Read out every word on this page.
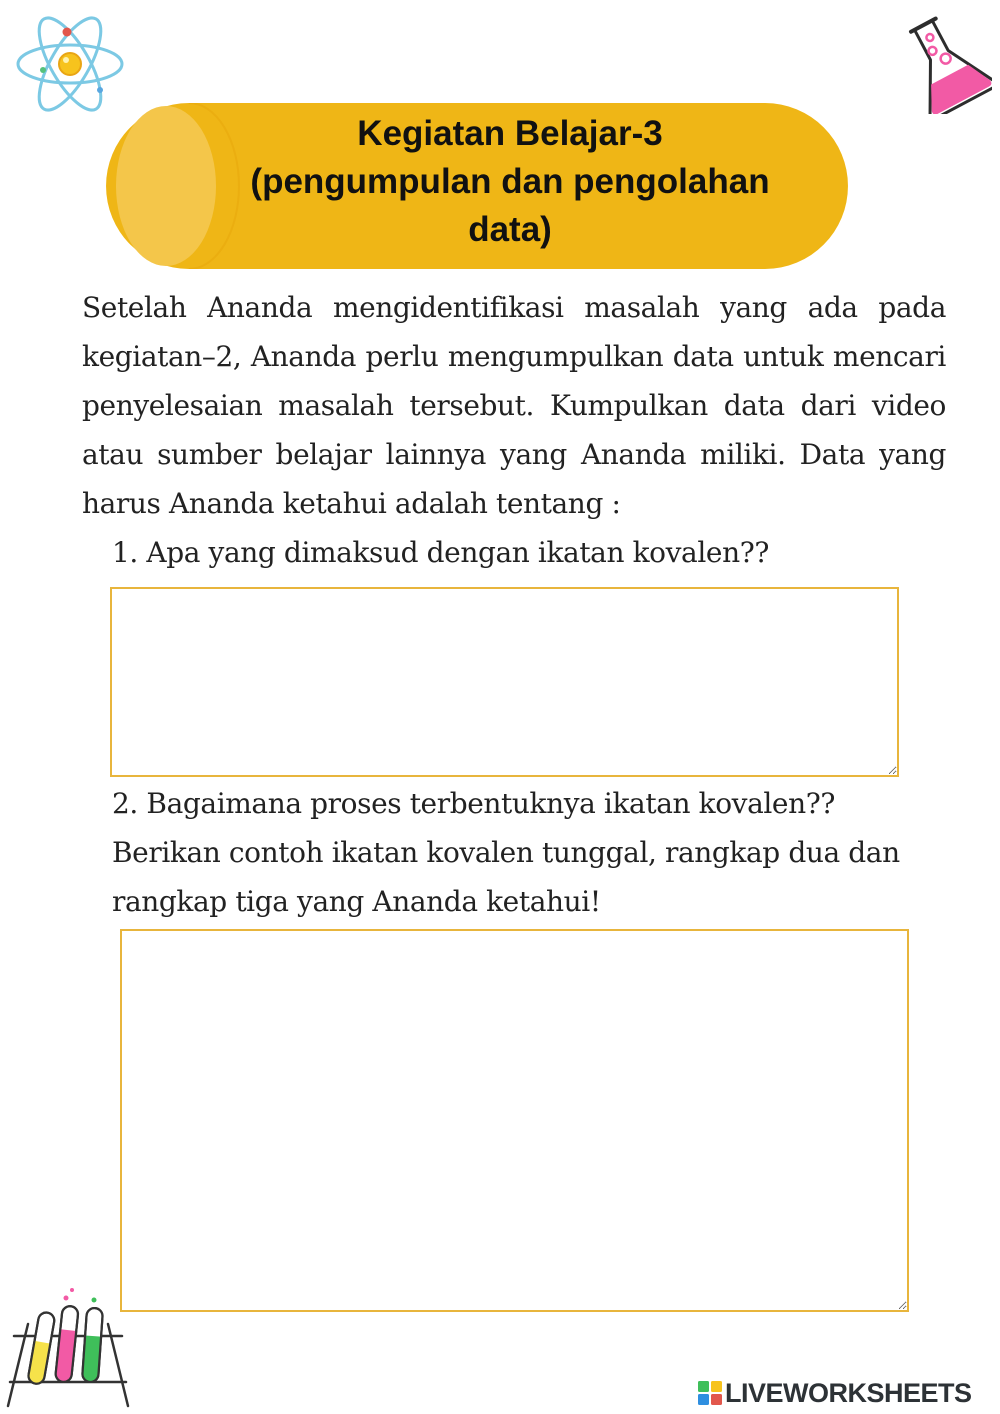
Kegiatan Belajar-3
(pengumpulan dan pengolahan
data)

Setelah Ananda mengidentifikasi masalah yang ada pada kegiatan–2, Ananda perlu mengumpulkan data untuk mencari penyelesaian masalah tersebut. Kumpulkan data dari video atau sumber belajar lainnya yang Ananda miliki. Data yang harus Ananda ketahui adalah tentang :

1. Apa yang dimaksud dengan ikatan kovalen??

2. Bagaimana proses terbentuknya ikatan kovalen?? Berikan contoh ikatan kovalen tunggal, rangkap dua dan rangkap tiga yang Ananda ketahui!

LIVEWORKSHEETS
